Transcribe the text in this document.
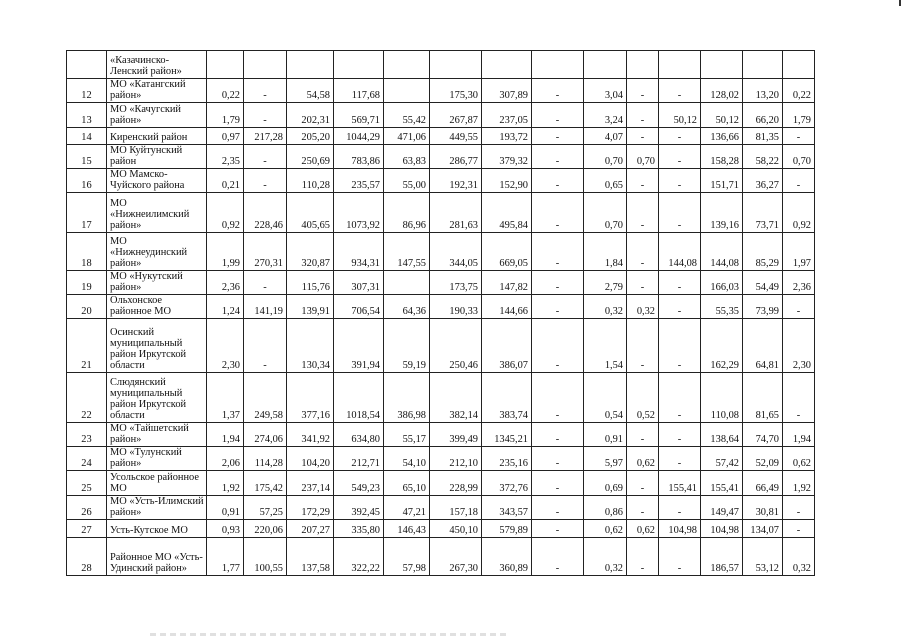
	«Казачинско-Ленский район»														
12	МО «Катангский район»	0,22	-	54,58	117,68		175,30	307,89	-	3,04	-	-	128,02	13,20	0,22
13	МО «Качугский район»	1,79	-	202,31	569,71	55,42	267,87	237,05	-	3,24	-	50,12	50,12	66,20	1,79
14	Киренский район	0,97	217,28	205,20	1044,29	471,06	449,55	193,72	-	4,07	-	-	136,66	81,35	-
15	МО Куйтунский район	2,35	-	250,69	783,86	63,83	286,77	379,32	-	0,70	0,70	-	158,28	58,22	0,70
16	МО Мамско-Чуйского района	0,21	-	110,28	235,57	55,00	192,31	152,90	-	0,65	-	-	151,71	36,27	-
17	МО «Нижнеилимский район»	0,92	228,46	405,65	1073,92	86,96	281,63	495,84	-	0,70	-	-	139,16	73,71	0,92
18	МО «Нижнеудинский район»	1,99	270,31	320,87	934,31	147,55	344,05	669,05	-	1,84	-	144,08	144,08	85,29	1,97
19	МО «Нукутский район»	2,36	-	115,76	307,31		173,75	147,82	-	2,79	-	-	166,03	54,49	2,36
20	Ольхонское районное МО	1,24	141,19	139,91	706,54	64,36	190,33	144,66	-	0,32	0,32	-	55,35	73,99	-
21	Осинский муниципальный район Иркутской области	2,30	-	130,34	391,94	59,19	250,46	386,07	-	1,54	-	-	162,29	64,81	2,30
22	Слюдянский муниципальный район Иркутской области	1,37	249,58	377,16	1018,54	386,98	382,14	383,74	-	0,54	0,52	-	110,08	81,65	-
23	МО «Тайшетский район»	1,94	274,06	341,92	634,80	55,17	399,49	1345,21	-	0,91	-	-	138,64	74,70	1,94
24	МО «Тулунский район»	2,06	114,28	104,20	212,71	54,10	212,10	235,16	-	5,97	0,62	-	57,42	52,09	0,62
25	Усольское районное МО	1,92	175,42	237,14	549,23	65,10	228,99	372,76	-	0,69	-	155,41	155,41	66,49	1,92
26	МО «Усть-Илимский район»	0,91	57,25	172,29	392,45	47,21	157,18	343,57	-	0,86	-	-	149,47	30,81	-
27	Усть-Кутское МО	0,93	220,06	207,27	335,80	146,43	450,10	579,89	-	0,62	0,62	104,98	104,98	134,07	-
28	Районное МО «Усть-Удинский район»	1,77	100,55	137,58	322,22	57,98	267,30	360,89	-	0,32	-	-	186,57	53,12	0,32
